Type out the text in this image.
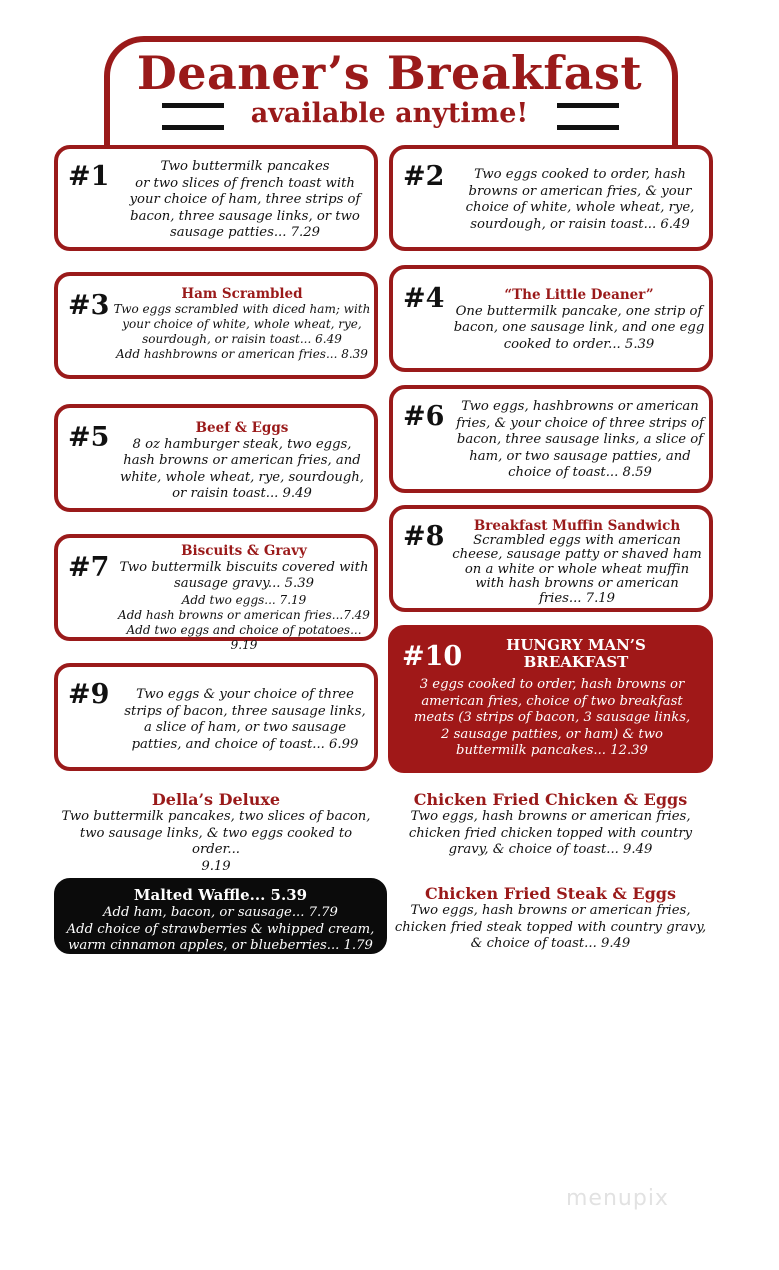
Deaner’s Breakfast
available anytime!
#1	Two buttermilk pancakes
or two slices of french toast with
your choice of ham, three strips of
bacon, three sausage links, or two
sausage patties... 7.29
#2	Two eggs cooked to order, hash
browns or american fries, & your
choice of white, whole wheat, rye,
sourdough, or raisin toast... 6.49
#3	Ham Scrambled
Two eggs scrambled with diced ham; with
your choice of white, whole wheat, rye,
sourdough, or raisin toast... 6.49
Add hashbrowns or american fries... 8.39
#4	“The Little Deaner”
One buttermilk pancake, one strip of
bacon, one sausage link, and one egg
cooked to order... 5.39
#5	Beef & Eggs
8 oz hamburger steak, two eggs,
hash browns or american fries, and
white, whole wheat, rye, sourdough,
or raisin toast... 9.49
#6	Two eggs, hashbrowns or american
fries, & your choice of three strips of
bacon, three sausage links, a slice of
ham, or two sausage patties, and
choice of toast... 8.59
#7
Biscuits & Gravy
Two buttermilk biscuits covered with
sausage gravy... 5.39
Add two eggs... 7.19
Add hash browns or american fries...7.49
Add two eggs and choice of potatoes... 9.19
#8	Breakfast Muffin Sandwich
Scrambled eggs with american
cheese, sausage patty or shaved ham
on a white or whole wheat muffin
with hash browns or american
fries... 7.19
#9	Two eggs & your choice of three
strips of bacon, three sausage links,
a slice of ham, or two sausage
patties, and choice of toast... 6.99
#10	HUNGRY MAN’S
BREAKFAST
3 eggs cooked to order, hash browns or
american fries, choice of two breakfast
meats (3 strips of bacon, 3 sausage links,
2 sausage patties, or ham) & two
buttermilk pancakes... 12.39
Della’s Deluxe
Two buttermilk pancakes, two slices of bacon,
two sausage links, & two eggs cooked to order...
9.19
Chicken Fried Chicken & Eggs
Two eggs, hash browns or american fries,
chicken fried chicken topped with country
gravy, & choice of toast... 9.49
Malted Waffle... 5.39
Add ham, bacon, or sausage... 7.79
Add choice of strawberries & whipped cream,
warm cinnamon apples, or blueberries... 1.79
Chicken Fried Steak & Eggs
Two eggs, hash browns or american fries,
chicken fried steak topped with country gravy,
& choice of toast... 9.49
menupix
